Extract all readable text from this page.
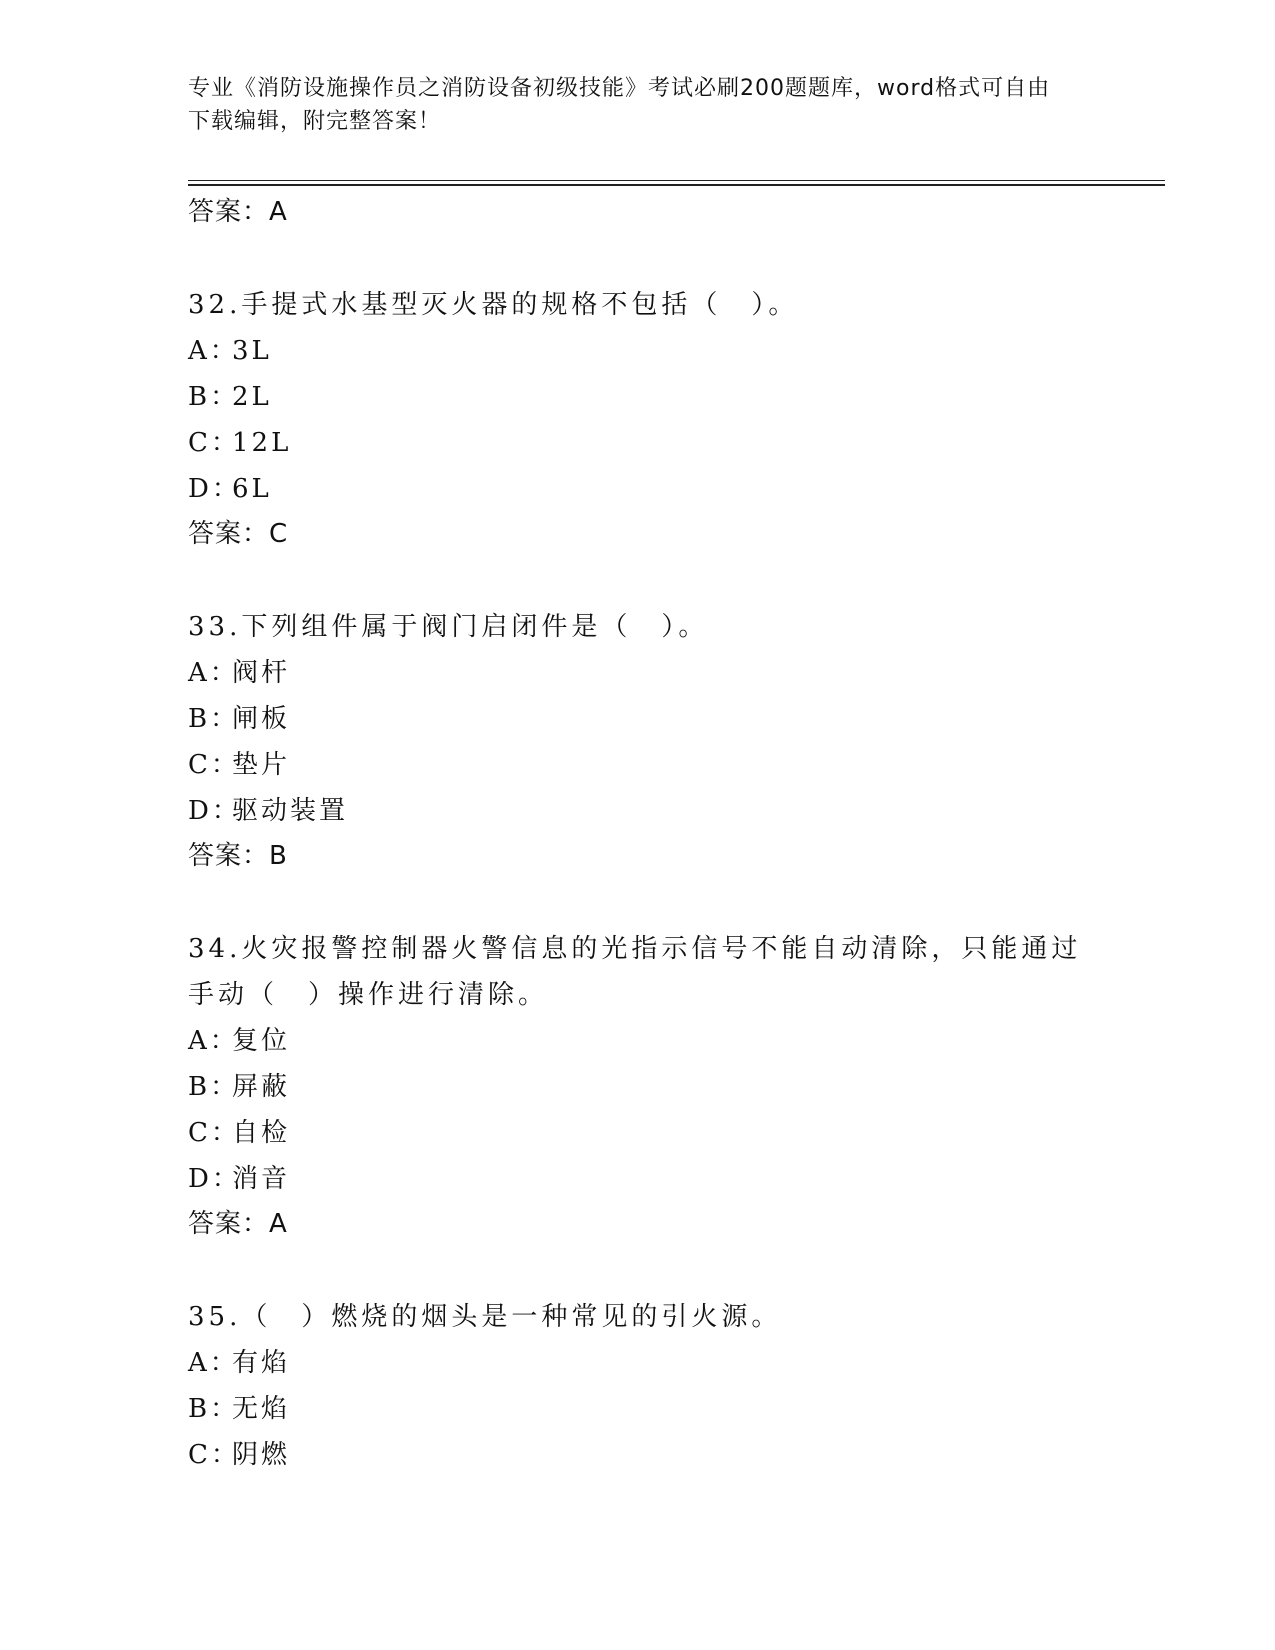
专业《消防设施操作员之消防设备初级技能》考试必刷200题题库，word格式可自由下载编辑，附完整答案！
答案：A
32.手提式水基型灭火器的规格不包括（　）。
A：3L
B：2L
C：12L
D：6L
答案：C
33.下列组件属于阀门启闭件是（　）。
A：阀杆
B：闸板
C：垫片
D：驱动装置
答案：B
34.火灾报警控制器火警信息的光指示信号不能自动清除，只能通过手动（　）操作进行清除。
A：复位
B：屏蔽
C：自检
D：消音
答案：A
35.（　）燃烧的烟头是一种常见的引火源。
A：有焰
B：无焰
C：阴燃
